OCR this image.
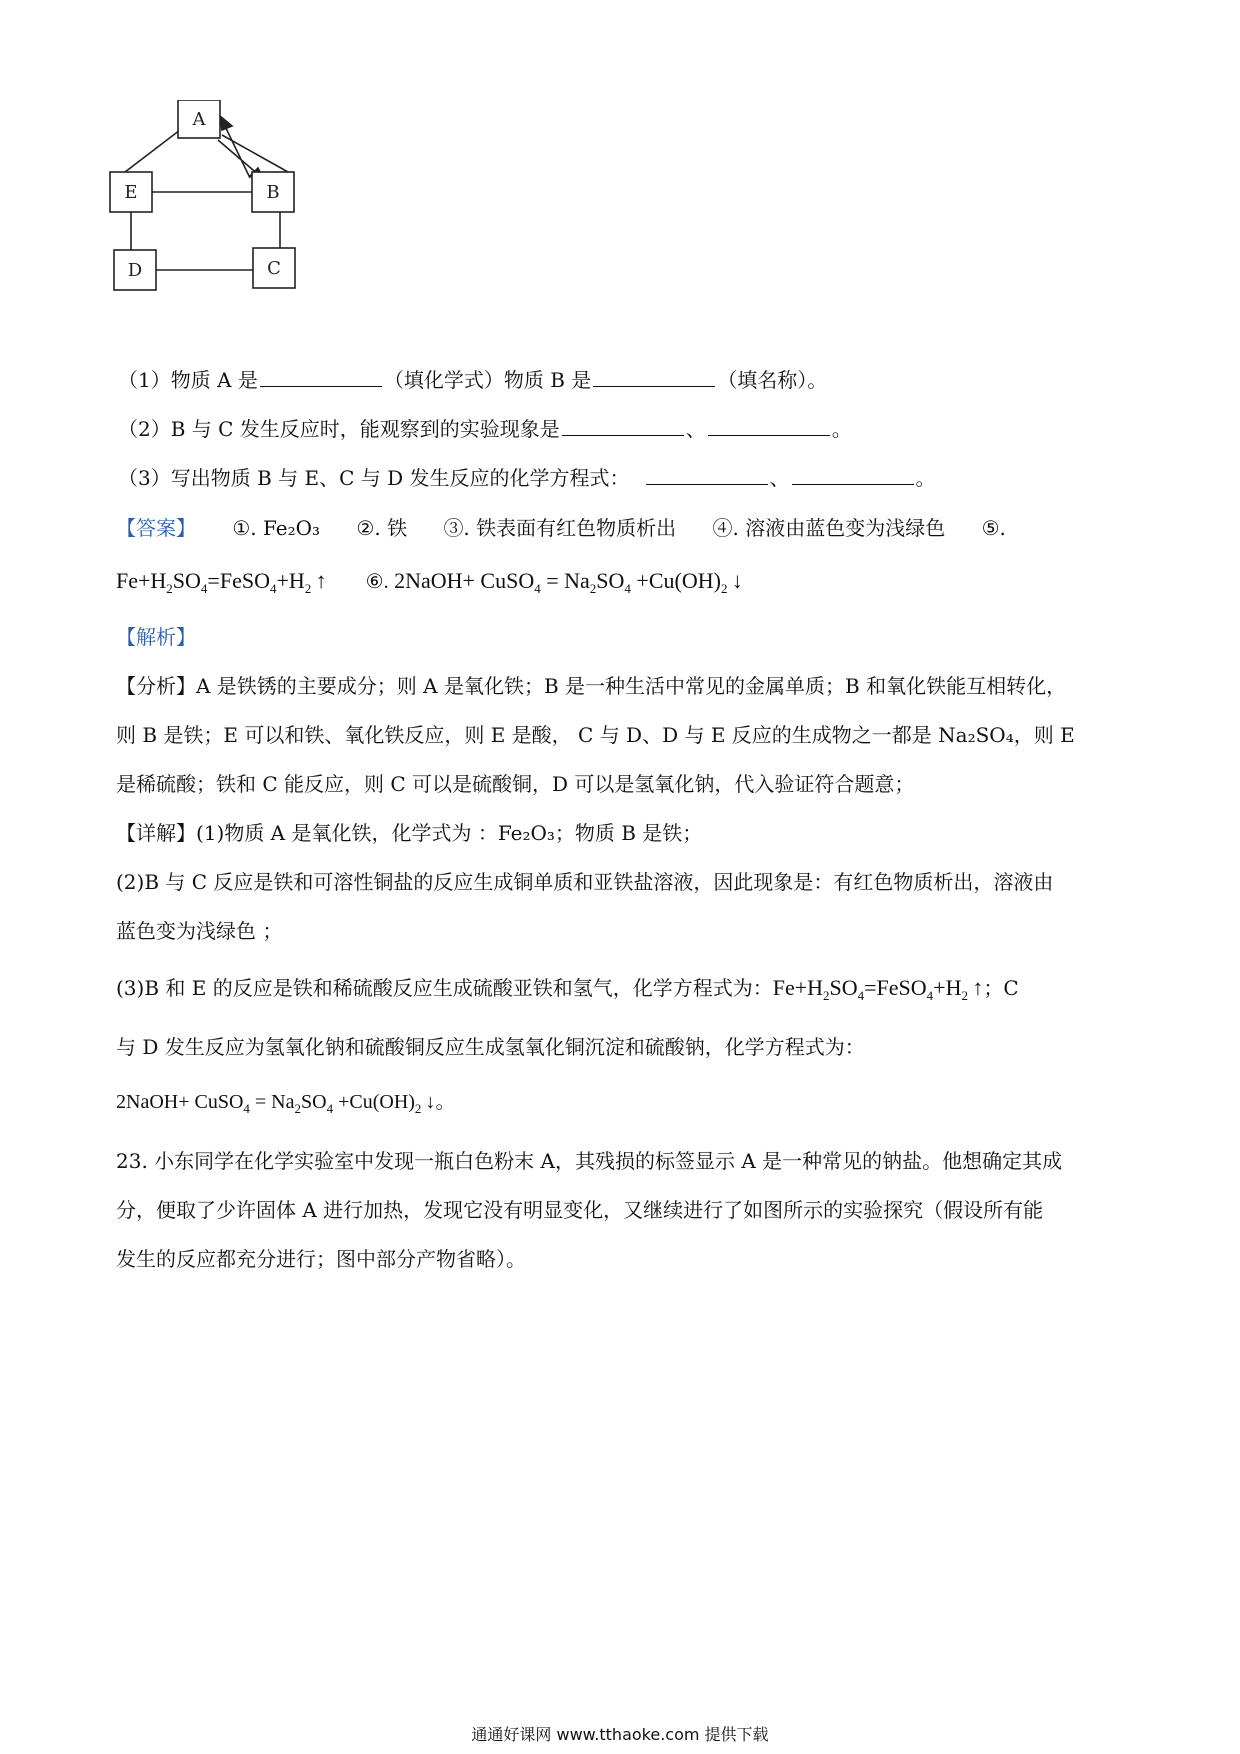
A
E	B
D	C
（1）物质 A 是	（填化学式）物质 B 是	（填名称）。
（2）B 与 C 发生反应时，能观察到的实验现象是	、	。
（3）写出物质 B 与 E、C 与 D 发生反应的化学方程式：	、	。
【答案】 ①. Fe₂O₃ ②. 铁 ③. 铁表面有红色物质析出 ④. 溶液由蓝色变为浅绿色 ⑤.
$Fe+H_2SO_4=FeSO_4+H_2$ ↑ ⑥. 2NaOH+ CuSO$_4$ = $Na_2SO_4 +Cu(OH)_2$ ↓
【解析】
【分析】A 是铁锈的主要成分；则 A 是氧化铁；B 是一种生活中常见的金属单质；B 和氧化铁能互相转化，
则 B 是铁；E 可以和铁、氧化铁反应，则 E 是酸， C 与 D、D 与 E 反应的生成物之一都是 Na₂SO₄，则 E
是稀硫酸；铁和 C 能反应，则 C 可以是硫酸铜，D 可以是氢氧化钠，代入验证符合题意；
【详解】(1)物质 A 是氧化铁，化学式为 ：Fe₂O₃；物质 B 是铁；
(2)B 与 C 反应是铁和可溶性铜盐的反应生成铜单质和亚铁盐溶液，因此现象是：有红色物质析出，溶液由
蓝色变为浅绿色 ；
(3)B 和 E 的反应是铁和稀硫酸反应生成硫酸亚铁和氢气，化学方程式为：$Fe+H_2SO_4=FeSO_4+H_2$ ↑；C
与 D 发生反应为氢氧化钠和硫酸铜反应生成氢氧化铜沉淀和硫酸钠，化学方程式为：
2NaOH+ CuSO$_4$ = $Na_2SO_4 +Cu(OH)_2$ ↓。
23. 小东同学在化学实验室中发现一瓶白色粉末 A，其残损的标签显示 A 是一种常见的钠盐。他想确定其成
分，便取了少许固体 A 进行加热，发现它没有明显变化，又继续进行了如图所示的实验探究（假设所有能
发生的反应都充分进行；图中部分产物省略）。
通通好课网 www.tthaoke.com 提供下载
